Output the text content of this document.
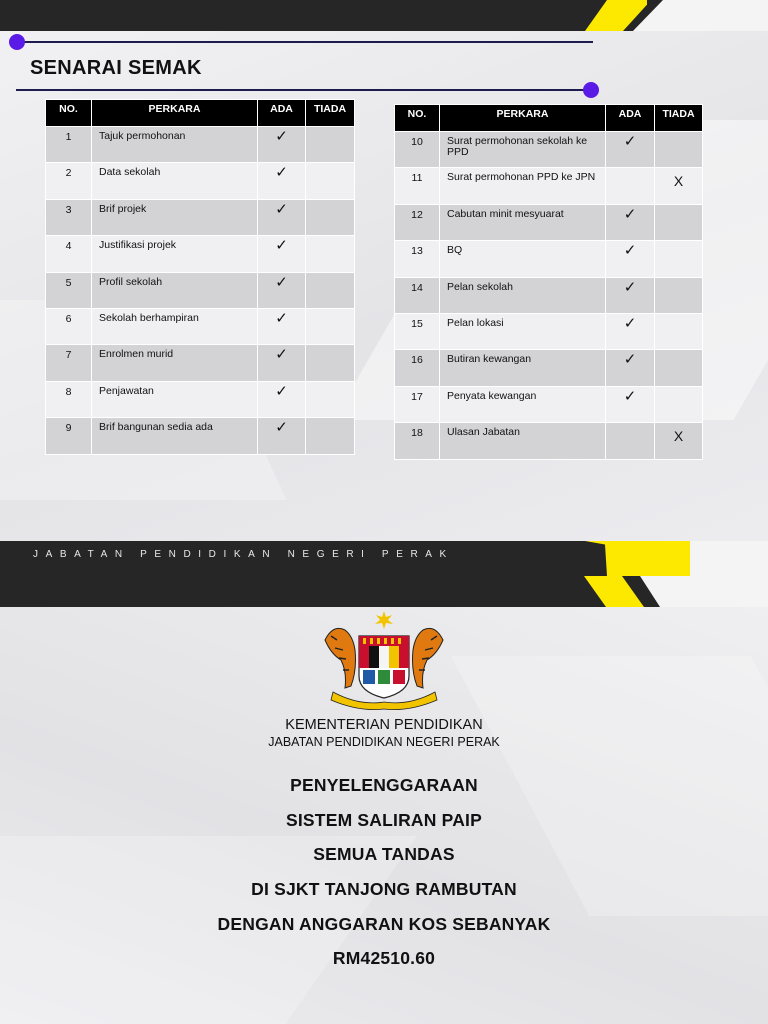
SENARAI SEMAK
NO.	PERKARA	ADA	TIADA
1	Tajuk permohonan	✓	
2	Data sekolah	✓	
3	Brif projek	✓	
4	Justifikasi projek	✓	
5	Profil sekolah	✓	
6	Sekolah berhampiran	✓	
7	Enrolmen murid	✓	
8	Penjawatan	✓	
9	Brif bangunan sedia ada	✓	
NO.	PERKARA	ADA	TIADA
10	Surat permohonan sekolah ke PPD	✓	
11	Surat permohonan PPD ke JPN		X
12	Cabutan minit mesyuarat	✓	
13	BQ	✓	
14	Pelan sekolah	✓	
15	Pelan lokasi	✓	
16	Butiran kewangan	✓	
17	Penyata kewangan	✓	
18	Ulasan Jabatan		X
JABATAN PENDIDIKAN NEGERI PERAK
KEMENTERIAN PENDIDIKAN
JABATAN PENDIDIKAN NEGERI PERAK
PENYELENGGARAAN
SISTEM SALIRAN PAIP
SEMUA TANDAS
DI SJKT TANJONG RAMBUTAN
DENGAN ANGGARAN KOS SEBANYAK
RM42510.60
